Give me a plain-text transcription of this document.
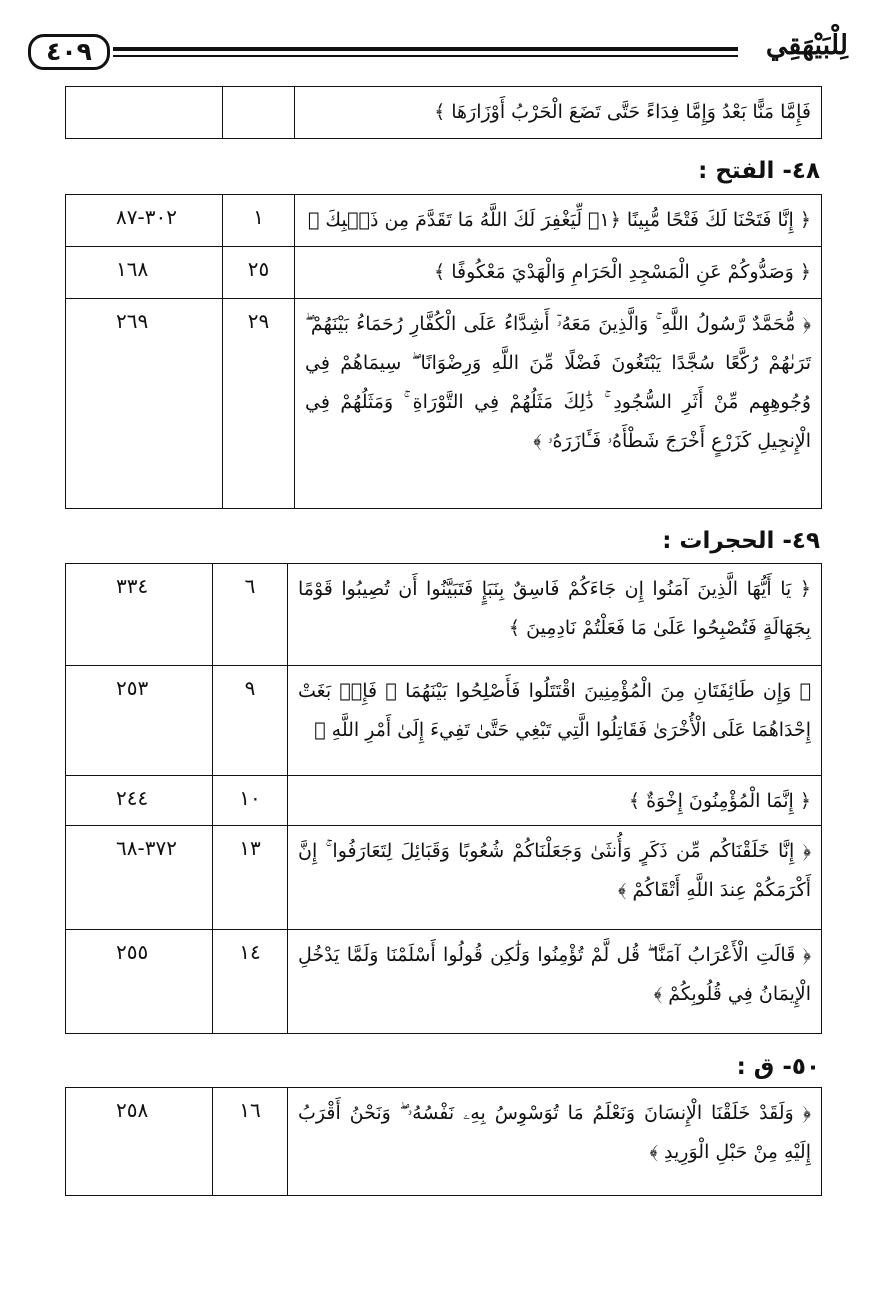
٤٠٩	لِلْبَيْهَقِي
فَإِمَّا مَنًّا بَعْدُ وَإِمَّا فِدَاءً حَتَّى تَضَعَ الْحَرْبُ أَوْزَارَهَا ﴾		
٤٨- الفتح :
﴿ إِنَّا فَتَحْنَا لَكَ فَتْحًا مُّبِينًا ﴿١﴾ لِّيَغْفِرَ لَكَ اللَّهُ مَا تَقَدَّمَ مِن ذَنۢبِكَ ﴾	١	٣٠٢-٨٧
﴿ وَصَدُّوكُمْ عَنِ الْمَسْجِدِ الْحَرَامِ وَالْهَدْيَ مَعْكُوفًا ﴾	٢٥	١٦٨
﴿ مُّحَمَّدٌ رَّسُولُ اللَّهِ ۚ وَالَّذِينَ مَعَهُۥٓ أَشِدَّاءُ عَلَى الْكُفَّارِ رُحَمَاءُ بَيْنَهُمْ ۖ تَرَىٰهُمْ رُكَّعًا سُجَّدًا يَبْتَغُونَ فَضْلًا مِّنَ اللَّهِ وَرِضْوَانًا ۖ سِيمَاهُمْ فِي وُجُوهِهِم مِّنْ أَثَرِ السُّجُودِ ۚ ذَٰلِكَ مَثَلُهُمْ فِي التَّوْرَاةِ ۚ وَمَثَلُهُمْ فِي الْإِنجِيلِ كَزَرْعٍ أَخْرَجَ شَطْأَهُۥ فَـَٔازَرَهُۥ ﴾	٢٩	٢٦٩
٤٩- الحجرات :
﴿ يَا أَيُّهَا الَّذِينَ آمَنُوا إِن جَاءَكُمْ فَاسِقٌ بِنَبَإٍ فَتَبَيَّنُوا أَن تُصِيبُوا قَوْمًا بِجَهَالَةٍ فَتُصْبِحُوا عَلَىٰ مَا فَعَلْتُمْ نَادِمِينَ ﴾	٦	٣٣٤
﴿ وَإِن طَائِفَتَانِ مِنَ الْمُؤْمِنِينَ اقْتَتَلُوا فَأَصْلِحُوا بَيْنَهُمَا ۖ فَإِنۢ بَغَتْ إِحْدَاهُمَا عَلَى الْأُخْرَىٰ فَقَاتِلُوا الَّتِي تَبْغِي حَتَّىٰ تَفِيءَ إِلَىٰ أَمْرِ اللَّهِ ﴾	٩	٢٥٣
﴿ إِنَّمَا الْمُؤْمِنُونَ إِخْوَةٌ ﴾	١٠	٢٤٤
﴿ إِنَّا خَلَقْنَاكُم مِّن ذَكَرٍ وَأُنثَىٰ وَجَعَلْنَاكُمْ شُعُوبًا وَقَبَائِلَ لِتَعَارَفُوا ۚ إِنَّ أَكْرَمَكُمْ عِندَ اللَّهِ أَتْقَاكُمْ ﴾	١٣	٣٧٢-٦٨
﴿ قَالَتِ الْأَعْرَابُ آمَنَّا ۖ قُل لَّمْ تُؤْمِنُوا وَلَٰكِن قُولُوا أَسْلَمْنَا وَلَمَّا يَدْخُلِ الْإِيمَانُ فِي قُلُوبِكُمْ ﴾	١٤	٢٥٥
٥٠- ق :
﴿ وَلَقَدْ خَلَقْنَا الْإِنسَانَ وَنَعْلَمُ مَا تُوَسْوِسُ بِهِۦ نَفْسُهُۥ ۖ وَنَحْنُ أَقْرَبُ إِلَيْهِ مِنْ حَبْلِ الْوَرِيدِ ﴾	١٦	٢٥٨
